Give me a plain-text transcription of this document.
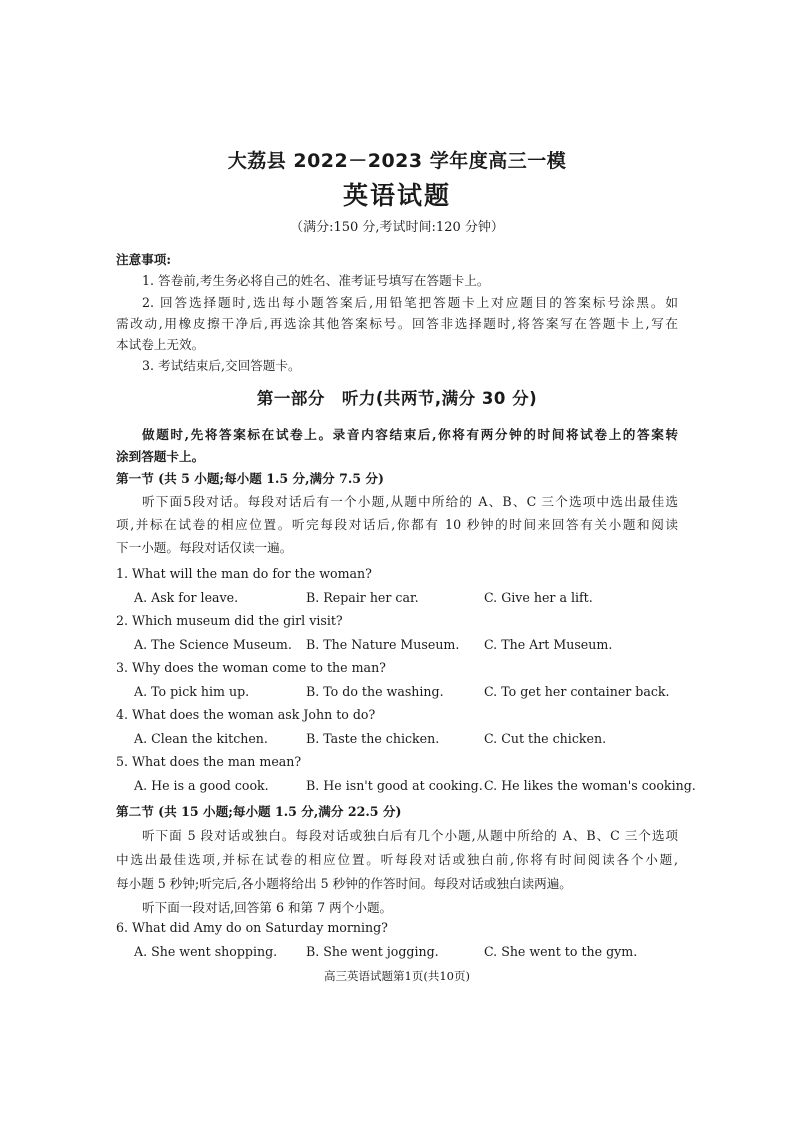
大荔县 2022－2023 学年度高三一模
英语试题
（满分:150 分,考试时间:120 分钟）
注意事项:
1. 答卷前,考生务必将自己的姓名、准考证号填写在答题卡上。
2. 回答选择题时,选出每小题答案后,用铅笔把答题卡上对应题目的答案标号涂黑。如
需改动,用橡皮擦干净后,再选涂其他答案标号。回答非选择题时,将答案写在答题卡上,写在
本试卷上无效。
3. 考试结束后,交回答题卡。
第一部分　听力(共两节,满分 30 分)
做题时,先将答案标在试卷上。录音内容结束后,你将有两分钟的时间将试卷上的答案转
涂到答题卡上。
第一节 (共 5 小题;每小题 1.5 分,满分 7.5 分)
听下面5段对话。每段对话后有一个小题,从题中所给的 A、B、C 三个选项中选出最佳选
项,并标在试卷的相应位置。听完每段对话后,你都有 10 秒钟的时间来回答有关小题和阅读
下一小题。每段对话仅读一遍。
1. What will the man do for the woman?
A. Ask for leave.	B. Repair her car.	C. Give her a lift.
2. Which museum did the girl visit?
A. The Science Museum. B. The Nature Museum. C. The Art Museum.
3. Why does the woman come to the man?
A. To pick him up.	B. To do the washing.	C. To get her container back.
4. What does the woman ask John to do?
A. Clean the kitchen.	B. Taste the chicken.	C. Cut the chicken.
5. What does the man mean?
A. He is a good cook.	B. He isn't good at cooking. C. He likes the woman's cooking.
第二节 (共 15 小题;每小题 1.5 分,满分 22.5 分)
听下面 5 段对话或独白。每段对话或独白后有几个小题,从题中所给的 A、B、C 三个选项
中选出最佳选项,并标在试卷的相应位置。听每段对话或独白前,你将有时间阅读各个小题,
每小题 5 秒钟;听完后,各小题将给出 5 秒钟的作答时间。每段对话或独白读两遍。
听下面一段对话,回答第 6 和第 7 两个小题。
6. What did Amy do on Saturday morning?
A. She went shopping. B. She went jogging.	C. She went to the gym.
高三英语试题第1页(共10页)
